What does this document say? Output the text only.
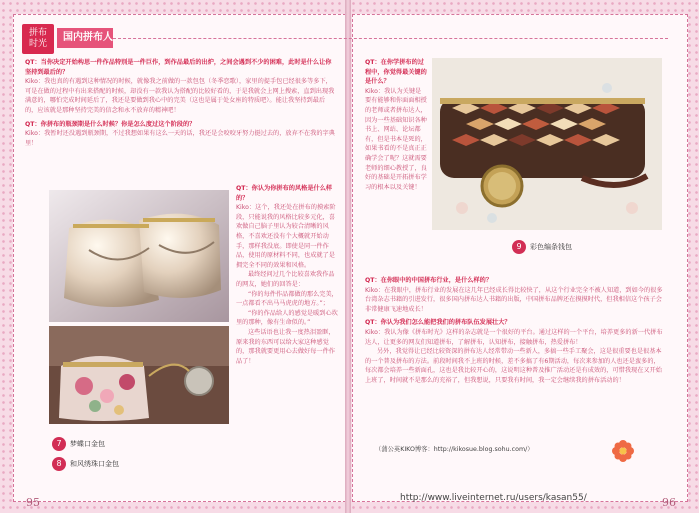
拼布
时光
国内拼布人
QT：当你决定开始构思一件作品特别是一件巨作，到作品最后的出炉，之间会遇到不少的困难，此时是什么让你坚持到最后的？
Kiko：我也真的有遇到这种情况的时候，就像我之前做的一款包包（冬季恋歌），家里的提手包已经很多等多下，可是在做的过程中有出来搭配的时候，却没有一款我认为搭配的比较好看的，于是我就会上网上搜索，直到出现我满意的，哪怕完成时间延后了，我还是要做到我心中的完美（这也是属于处女座的特质吧）。能让我坚持到最后的，应该就是那种坚持完美的信念和永不放弃的精神吧！
QT：你拼布的瓶颈期是什么时候？你是怎么度过这个阶段的？
Kiko：我暂时还没遇到瓶颈期，不过我想如果有这么一天的话，我还是会咬咬牙努力挺过去的，放弃不在我的字典里！
7 梦蝶口金包
8 和风绣珠口金包
QT：你认为你拼布的风格是什么样的？
Kiko：这个，我还处在拼布的摸索阶段，只能说我的风格比较多元化，喜欢做自己脑子里认为较合清晰的风格，不喜欢还没有个大概就开始动手，那样我没底。即使是同一件作品，使用的原材料不同，也成就了是拥完全不同的效果和风格。
最终经问过几个比较喜欢我作品的网友，她们的回答是：
“你的每件作品都做的那么完美，一点都看不出马马虎虎的地方。”；
“你的作品给人的感觉是暖到心坎里的那种，像有生命似的。”
这些话语也让我一度热泪盈眶，原来我的东西可以给大家这种感觉的，那我就要更用心去做好每一件作品了！
95
QT：在你学拼布的过程中，你觉得最关键的是什么？
Kiko：我认为关键是要有能够和你面面相授的老师或者拼布达人，因为一些基础知识各种书上、网站、论坛都有，但是书本是死的，如果书看的不是真正正确学会了呢？这就需要老师的细心教授了，良好的基础是开拓拼布学习的根本以及关键！
9 彩色编条钱包
QT：在你眼中的中国拼布行业，是什么样的？
Kiko：在我眼中，拼布行业的发展在这几年已经成长得比较快了，从这个行业完全不被人知道，到如今的很多台湾杂志书籍的引进发行，很多国内拼布达人书籍的出版，中国拼布品牌还在摸摸时代，但我相信这个孩子会非常健康飞速地成长！
QT：你认为我们怎么能把我们的拼布队伍发展壮大？
Kiko：我认为像《拼布时光》这样的杂志就是一个很好的平台。通过这样的一个平台，培养更多的新一代拼布达人，让更多的网友们知道拼布，了解拼布，认知拼布，接触拼布，热爱拼布！
另外，我觉得让已经比较资深的拼布达人经常带动一些新人，多搞一些手工聚会，这是很重要也是很基本的一个普及拼布的方法。前段时间我不上班的时候，差不多搞了有6期活动，每次来参加的人也还是蛮多的，每次都会培养一些新面孔，这也是我比较开心的，这说明这种普及推广活动还是有成效的，可惜我现在又开始上班了，时间就不是那么的充裕了，但我想说，只要我有时间，我一定会继续我的拼布活动的！
（蒲公英KIKO博客：http://kikosue.blog.sohu.com/）
96
http://www.liveinternet.ru/users/kasan55/
